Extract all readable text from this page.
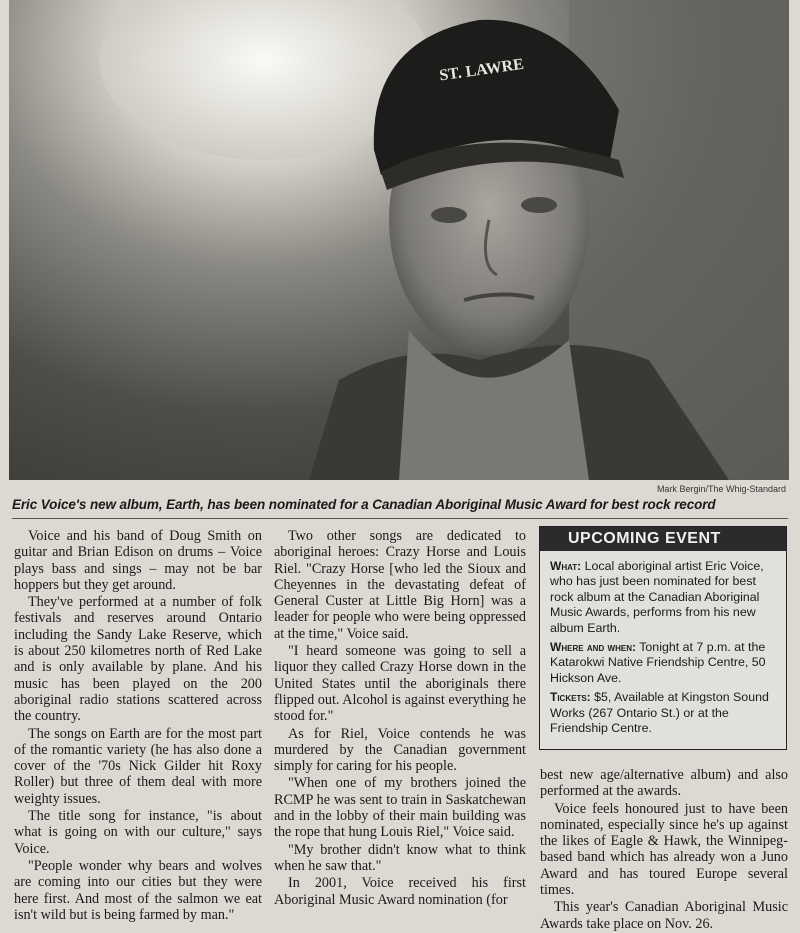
ST. LAWRE
Mark Bergin/The Whig-Standard
Eric Voice's new album, Earth, has been nominated for a Canadian Aboriginal Music Award for best rock record

Voice and his band of Doug Smith on guitar and Brian Edison on drums – Voice plays bass and sings – may not be bar hoppers but they get around.

They've performed at a number of folk festivals and reserves around Ontario including the Sandy Lake Reserve, which is about 250 kilometres north of Red Lake and is only available by plane. And his music has been played on the 200 aboriginal radio stations scattered across the country.

The songs on Earth are for the most part of the romantic variety (he has also done a cover of the '70s Nick Gilder hit Roxy Roller) but three of them deal with more weighty issues.

The title song for instance, "is about what is going on with our culture," says Voice.

"People wonder why bears and wolves are coming into our cities but they were here first. And most of the salmon we eat isn't wild but is being farmed by man."

Two other songs are dedicated to aboriginal heroes: Crazy Horse and Louis Riel. "Crazy Horse [who led the Sioux and Cheyennes in the devastating defeat of General Custer at Little Big Horn] was a leader for people who were being oppressed at the time," Voice said.

"I heard someone was going to sell a liquor they called Crazy Horse down in the United States until the aboriginals there flipped out. Alcohol is against everything he stood for."

As for Riel, Voice contends he was murdered by the Canadian government simply for caring for his people.

"When one of my brothers joined the RCMP he was sent to train in Saskatchewan and in the lobby of their main building was the rope that hung Louis Riel," Voice said.

"My brother didn't know what to think when he saw that."

In 2001, Voice received his first Aboriginal Music Award nomination (for

UPCOMING EVENT

What: Local aboriginal artist Eric Voice, who has just been nominated for best rock album at the Canadian Aboriginal Music Awards, performs from his new album Earth.

Where and when: Tonight at 7 p.m. at the Katarokwi Native Friendship Centre, 50 Hickson Ave.

Tickets: $5, Available at Kingston Sound Works (267 Ontario St.) or at the Friendship Centre.

best new age/alternative album) and also performed at the awards.

Voice feels honoured just to have been nominated, especially since he's up against the likes of Eagle & Hawk, the Winnipeg-based band which has already won a Juno Award and has toured Europe several times.

This year's Canadian Aboriginal Music Awards take place on Nov. 26.
